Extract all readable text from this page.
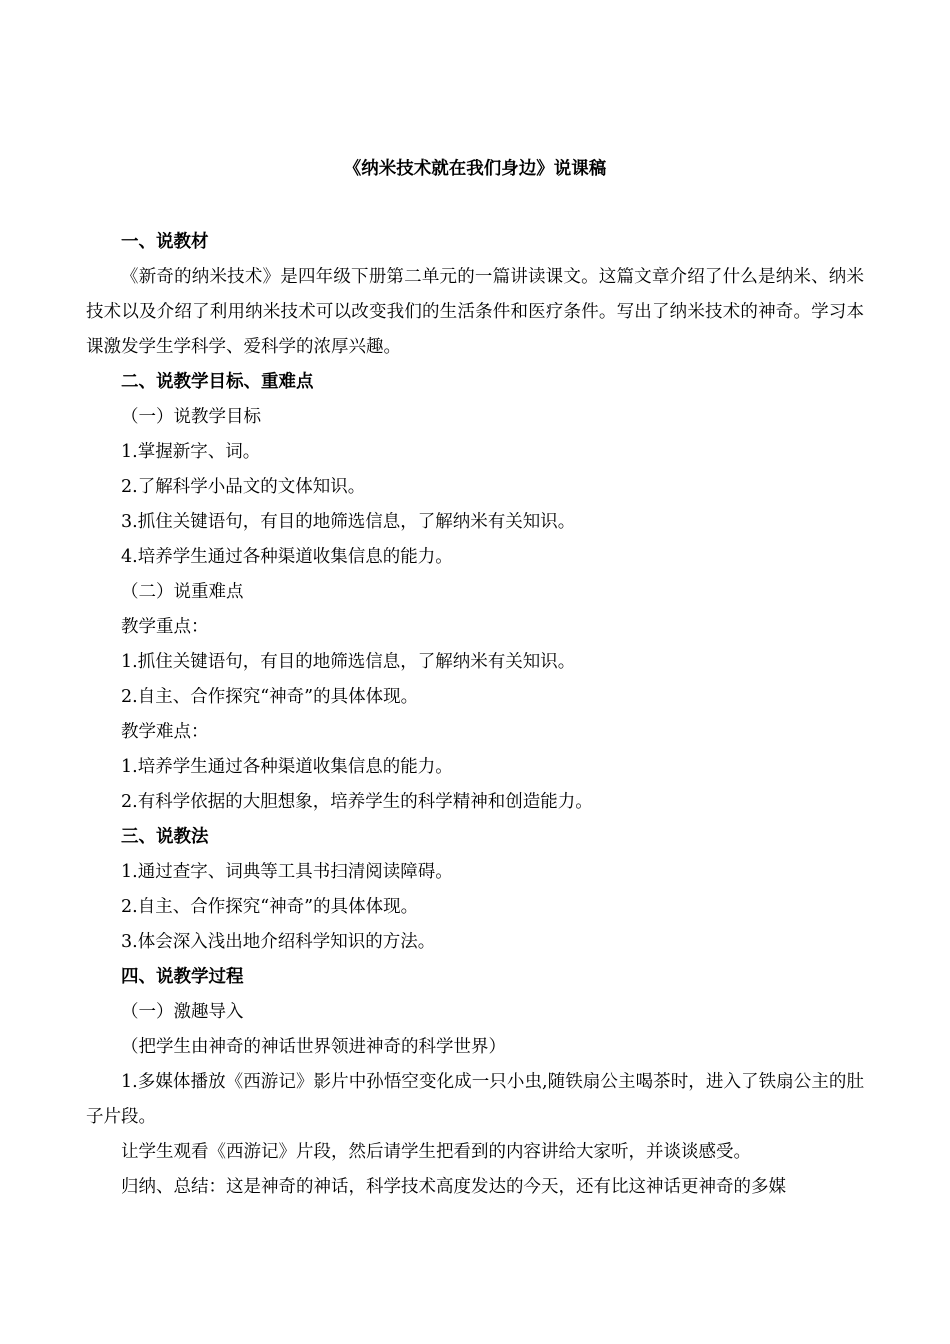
《纳米技术就在我们身边》说课稿
一、说教材

《新奇的纳米技术》是四年级下册第二单元的一篇讲读课文。这篇文章介绍了什么是纳米、纳米技术以及介绍了利用纳米技术可以改变我们的生活条件和医疗条件。写出了纳米技术的神奇。学习本课激发学生学科学、爱科学的浓厚兴趣。

二、说教学目标、重难点
（一）说教学目标
1.掌握新字、词。
2.了解科学小品文的文体知识。
3.抓住关键语句，有目的地筛选信息，了解纳米有关知识。
4.培养学生通过各种渠道收集信息的能力。
（二）说重难点
教学重点：
1.抓住关键语句，有目的地筛选信息，了解纳米有关知识。
2.自主、合作探究“神奇”的具体体现。
教学难点：
1.培养学生通过各种渠道收集信息的能力。
2.有科学依据的大胆想象，培养学生的科学精神和创造能力。
三、说教法
1.通过查字、词典等工具书扫清阅读障碍。
2.自主、合作探究“神奇”的具体体现。
3.体会深入浅出地介绍科学知识的方法。
四、说教学过程
（一）激趣导入
（把学生由神奇的神话世界领进神奇的科学世界）

1.多媒体播放《西游记》影片中孙悟空变化成一只小虫,随铁扇公主喝茶时，进入了铁扇公主的肚子片段。

让学生观看《西游记》片段，然后请学生把看到的内容讲给大家听，并谈谈感受。
归纳、总结：这是神奇的神话，科学技术高度发达的今天，还有比这神话更神奇的多媒
